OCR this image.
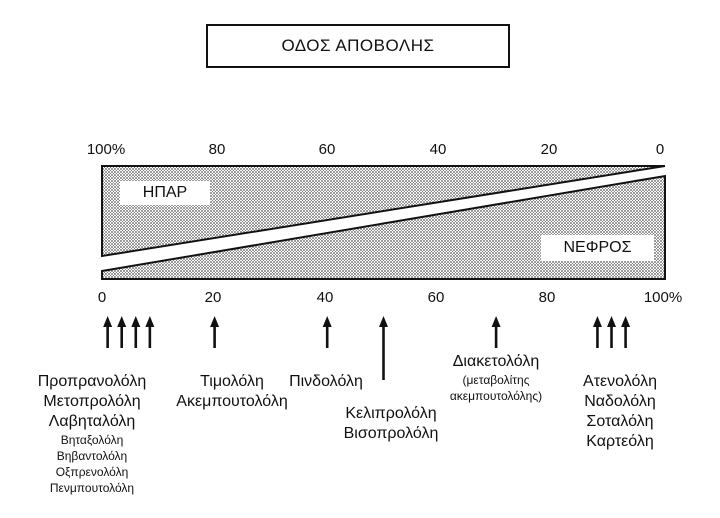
ΟΔΟΣ ΑΠΟΒΟΛΗΣ
100%	80	60	40	20	0
ΗΠΑΡ
ΝΕΦΡΟΣ
0	20	40	60	80	100%
Προπρανολόλη
Μετοπρολόλη
Λαβηταλόλη
Βηταξολόλη
Βηβαντολόλη
Οξπρενολόλη
Πενμπουτολόλη
Τιμολόλη
Ακεμπουτολόλη
Πινδολόλη
Κελιπρολόλη
Βισοπρολόλη
Διακετολόλη
(μεταβολίτης
ακεμπουτολόλης)
Ατενολόλη
Ναδολόλη
Σοταλόλη
Καρτεόλη
